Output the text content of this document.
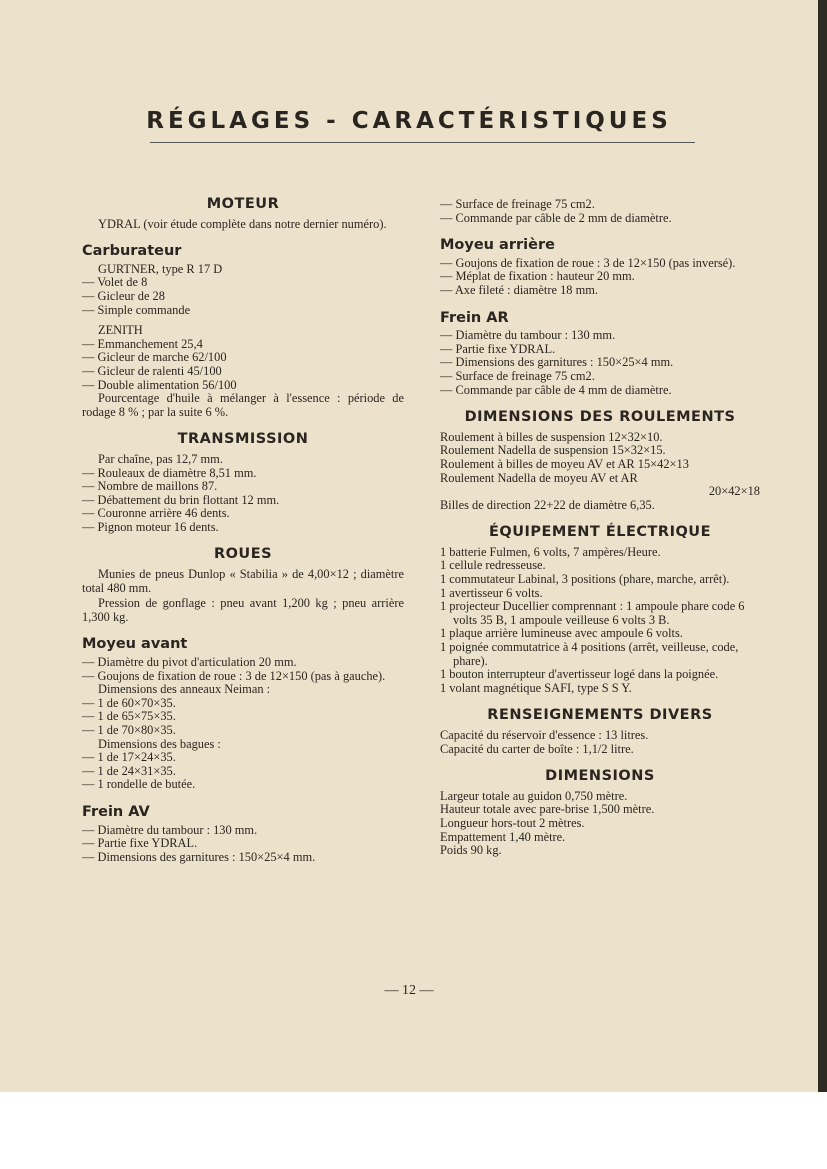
RÉGLAGES - CARACTÉRISTIQUES
MOTEUR
YDRAL (voir étude complète dans notre dernier numéro).
Carburateur
GURTNER, type R 17 D
— Volet de 8
— Gicleur de 28
— Simple commande
ZENITH
— Emmanchement 25,4
— Gicleur de marche 62/100
— Gicleur de ralenti 45/100
— Double alimentation 56/100
Pourcentage d'huile à mélanger à l'essence : période de rodage 8 % ; par la suite 6 %.
TRANSMISSION
Par chaîne, pas 12,7 mm.
— Rouleaux de diamètre 8,51 mm.
— Nombre de maillons 87.
— Débattement du brin flottant 12 mm.
— Couronne arrière 46 dents.
— Pignon moteur 16 dents.
ROUES
Munies de pneus Dunlop « Stabilia » de 4,00×12 ; diamètre total 480 mm.
Pression de gonflage : pneu avant 1,200 kg ; pneu arrière 1,300 kg.
Moyeu avant
— Diamètre du pivot d'articulation 20 mm.
— Goujons de fixation de roue : 3 de 12×150 (pas à gauche).
Dimensions des anneaux Neiman :
— 1 de 60×70×35.
— 1 de 65×75×35.
— 1 de 70×80×35.
Dimensions des bagues :
— 1 de 17×24×35.
— 1 de 24×31×35.
— 1 rondelle de butée.
Frein AV
— Diamètre du tambour : 130 mm.
— Partie fixe YDRAL.
— Dimensions des garnitures : 150×25×4 mm.
— Surface de freinage 75 cm2.
— Commande par câble de 2 mm de diamètre.
Moyeu arrière
— Goujons de fixation de roue : 3 de 12×150 (pas inversé).
— Méplat de fixation : hauteur 20 mm.
— Axe fileté : diamètre 18 mm.
Frein AR
— Diamètre du tambour : 130 mm.
— Partie fixe YDRAL.
— Dimensions des garnitures : 150×25×4 mm.
— Surface de freinage 75 cm2.
— Commande par câble de 4 mm de diamètre.
DIMENSIONS DES ROULEMENTS
Roulement à billes de suspension 12×32×10.
Roulement Nadella de suspension 15×32×15.
Roulement à billes de moyeu AV et AR 15×42×13
Roulement Nadella de moyeu AV et AR
20×42×18
Billes de direction 22+22 de diamètre 6,35.
ÉQUIPEMENT ÉLECTRIQUE
1 batterie Fulmen, 6 volts, 7 ampères/Heure.
1 cellule redresseuse.
1 commutateur Labinal, 3 positions (phare, marche, arrêt).
1 avertisseur 6 volts.
1 projecteur Ducellier comprennant : 1 ampoule phare code 6 volts 35 B, 1 ampoule veilleuse 6 volts 3 B.
1 plaque arrière lumineuse avec ampoule 6 volts.
1 poignée commutatrice à 4 positions (arrêt, veilleuse, code, phare).
1 bouton interrupteur d'avertisseur logé dans la poignée.
1 volant magnétique SAFI, type S S Y.
RENSEIGNEMENTS DIVERS
Capacité du réservoir d'essence : 13 litres.
Capacité du carter de boîte : 1,1/2 litre.
DIMENSIONS
Largeur totale au guidon 0,750 mètre.
Hauteur totale avec pare-brise 1,500 mètre.
Longueur hors-tout 2 mètres.
Empattement 1,40 mètre.
Poids 90 kg.
— 12 —
